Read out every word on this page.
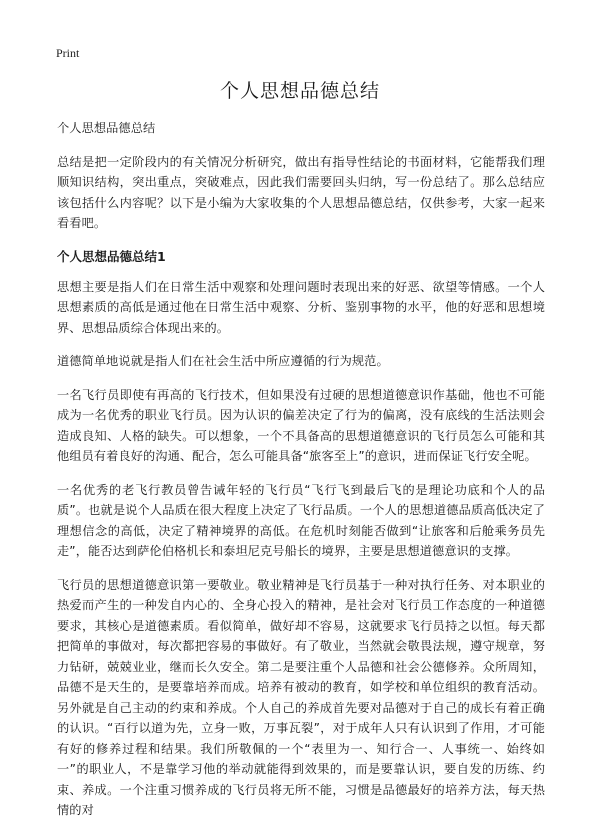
Print
个人思想品德总结

个人思想品德总结

总结是把一定阶段内的有关情况分析研究，做出有指导性结论的书面材料，它能帮我们理顺知识结构，突出重点，突破难点，因此我们需要回头归纳，写一份总结了。那么总结应该包括什么内容呢？以下是小编为大家收集的个人思想品德总结，仅供参考，大家一起来看看吧。

个人思想品德总结1

思想主要是指人们在日常生活中观察和处理问题时表现出来的好恶、欲望等情感。一个人思想素质的高低是通过他在日常生活中观察、分析、鉴别事物的水平，他的好恶和思想境界、思想品质综合体现出来的。

道德简单地说就是指人们在社会生活中所应遵循的行为规范。

一名飞行员即使有再高的飞行技术，但如果没有过硬的思想道德意识作基础，他也不可能成为一名优秀的职业飞行员。因为认识的偏差决定了行为的偏离，没有底线的生活法则会造成良知、人格的缺失。可以想象，一个不具备高的思想道德意识的飞行员怎么可能和其他组员有着良好的沟通、配合，怎么可能具备“旅客至上”的意识，进而保证飞行安全呢。

一名优秀的老飞行教员曾告诫年轻的飞行员“飞行飞到最后飞的是理论功底和个人的品质”。也就是说个人品质在很大程度上决定了飞行品质。一个人的思想道德品质高低决定了理想信念的高低，决定了精神境界的高低。在危机时刻能否做到“让旅客和后舱乘务员先走”，能否达到萨伦伯格机长和泰坦尼克号船长的境界，主要是思想道德意识的支撑。

飞行员的思想道德意识第一要敬业。敬业精神是飞行员基于一种对执行任务、对本职业的热爱而产生的一种发自内心的、全身心投入的精神，是社会对飞行员工作态度的一种道德要求，其核心是道德素质。看似简单，做好却不容易，这就要求飞行员持之以恒。每天都把简单的事做对，每次都把容易的事做好。有了敬业，当然就会敬畏法规，遵守规章，努力钻研，兢兢业业，继而长久安全。第二是要注重个人品德和社会公德修养。众所周知，品德不是天生的，是要靠培养而成。培养有被动的教育，如学校和单位组织的教育活动。另外就是自己主动的约束和养成。个人自己的养成首先要对品德对于自己的成长有着正确的认识。“百行以道为先，立身一败，万事瓦裂”，对于成年人只有认识到了作用，才可能有好的修养过程和结果。我们所敬佩的一个“表里为一、知行合一、人事统一、始终如一”的职业人，不是靠学习他的举动就能得到效果的，而是要靠认识，要自发的历练、约束、养成。一个注重习惯养成的飞行员将无所不能，习惯是品德最好的培养方法，每天热情的对
